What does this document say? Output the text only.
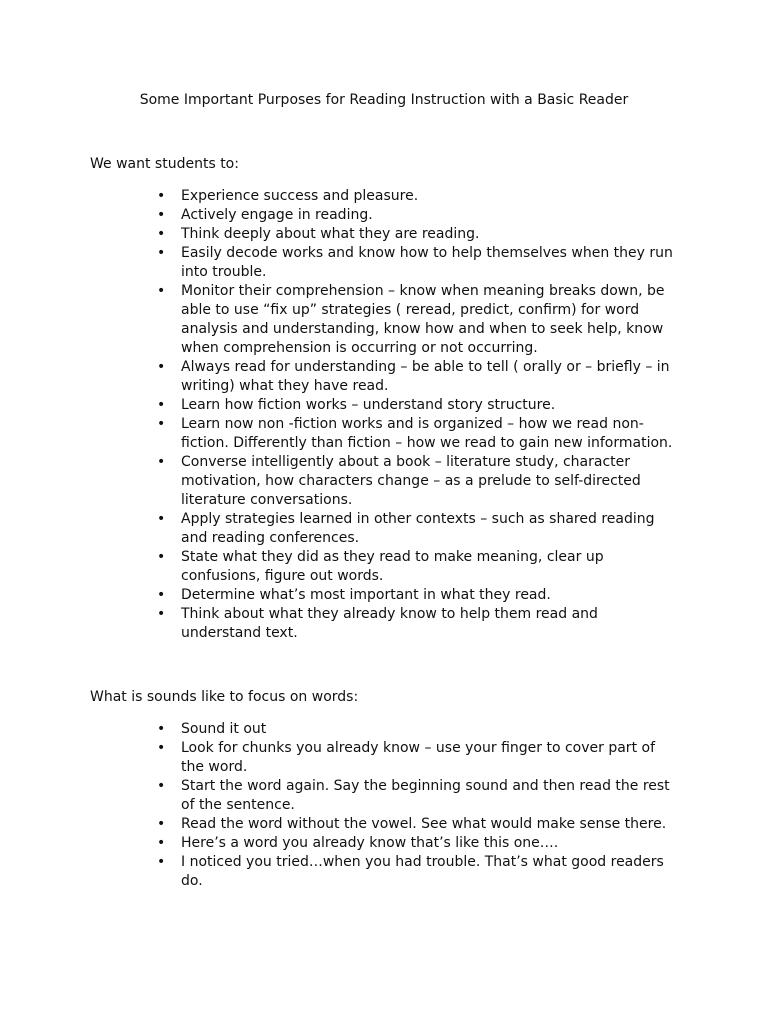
Some Important Purposes for Reading Instruction with a Basic Reader

We want students to:

• Experience success and pleasure.
• Actively engage in reading.
• Think deeply about what they are reading.
• Easily decode works and know how to help themselves when they run into trouble.
• Monitor their comprehension – know when meaning breaks down, be able to use “fix up” strategies ( reread, predict, confirm) for word analysis and understanding, know how and when to seek help, know when comprehension is occurring or not occurring.
• Always read for understanding – be able to tell ( orally or – briefly – in writing) what they have read.
• Learn how fiction works – understand story structure.
• Learn now non -fiction works and is organized – how we read non-fiction. Differently than fiction – how we read to gain new information.
• Converse intelligently about a book – literature study, character motivation, how characters change – as a prelude to self-directed literature conversations.
• Apply strategies learned in other contexts – such as shared reading and reading conferences.
• State what they did as they read to make meaning, clear up confusions, figure out words.
• Determine what’s most important in what they read.
• Think about what they already know to help them read and understand text.

What is sounds like to focus on words:

• Sound it out
• Look for chunks you already know – use your finger to cover part of the word.
• Start the word again. Say the beginning sound and then read the rest of the sentence.
• Read the word without the vowel. See what would make sense there.
• Here’s a word you already know that’s like this one….
• I noticed you tried…when you had trouble. That’s what good readers do.
